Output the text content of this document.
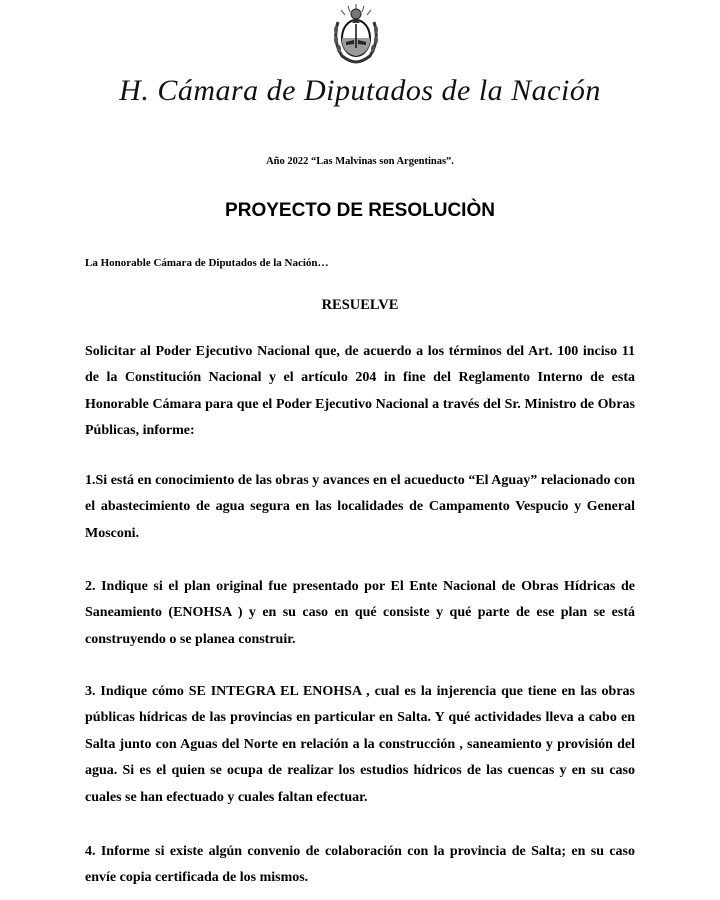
H. Cámara de Diputados de la Nación
Año 2022 “Las Malvinas son Argentinas”.
PROYECTO DE RESOLUCIÒN
La Honorable Cámara de Diputados de la Nación…
RESUELVE
Solicitar al Poder Ejecutivo Nacional que, de acuerdo a los términos del Art. 100 inciso 11 de la Constitución Nacional y el artículo 204 in fine del Reglamento Interno de esta Honorable Cámara para que el Poder Ejecutivo Nacional a través del Sr. Ministro de Obras Públicas, informe:
1.Si está en conocimiento de las obras y avances en el acueducto “El Aguay” relacionado con el abastecimiento de agua segura en las localidades de Campamento Vespucio y General Mosconi.
2. Indique si el plan original fue presentado por El Ente Nacional de Obras Hídricas de Saneamiento (ENOHSA ) y en su caso en qué consiste y qué parte de ese plan se está construyendo o se planea construir.
3. Indique cómo SE INTEGRA EL ENOHSA , cual es la injerencia que tiene en las obras públicas hídricas de las provincias en particular en Salta. Y qué actividades lleva a cabo en Salta junto con Aguas del Norte en relación a la construcción , saneamiento y provisión del agua. Si es el quien se ocupa de realizar los estudios hídricos de las cuencas y en su caso cuales se han efectuado y cuales faltan efectuar.
4. Informe si existe algún convenio de colaboración con la provincia de Salta; en su caso envíe copia certificada de los mismos.
